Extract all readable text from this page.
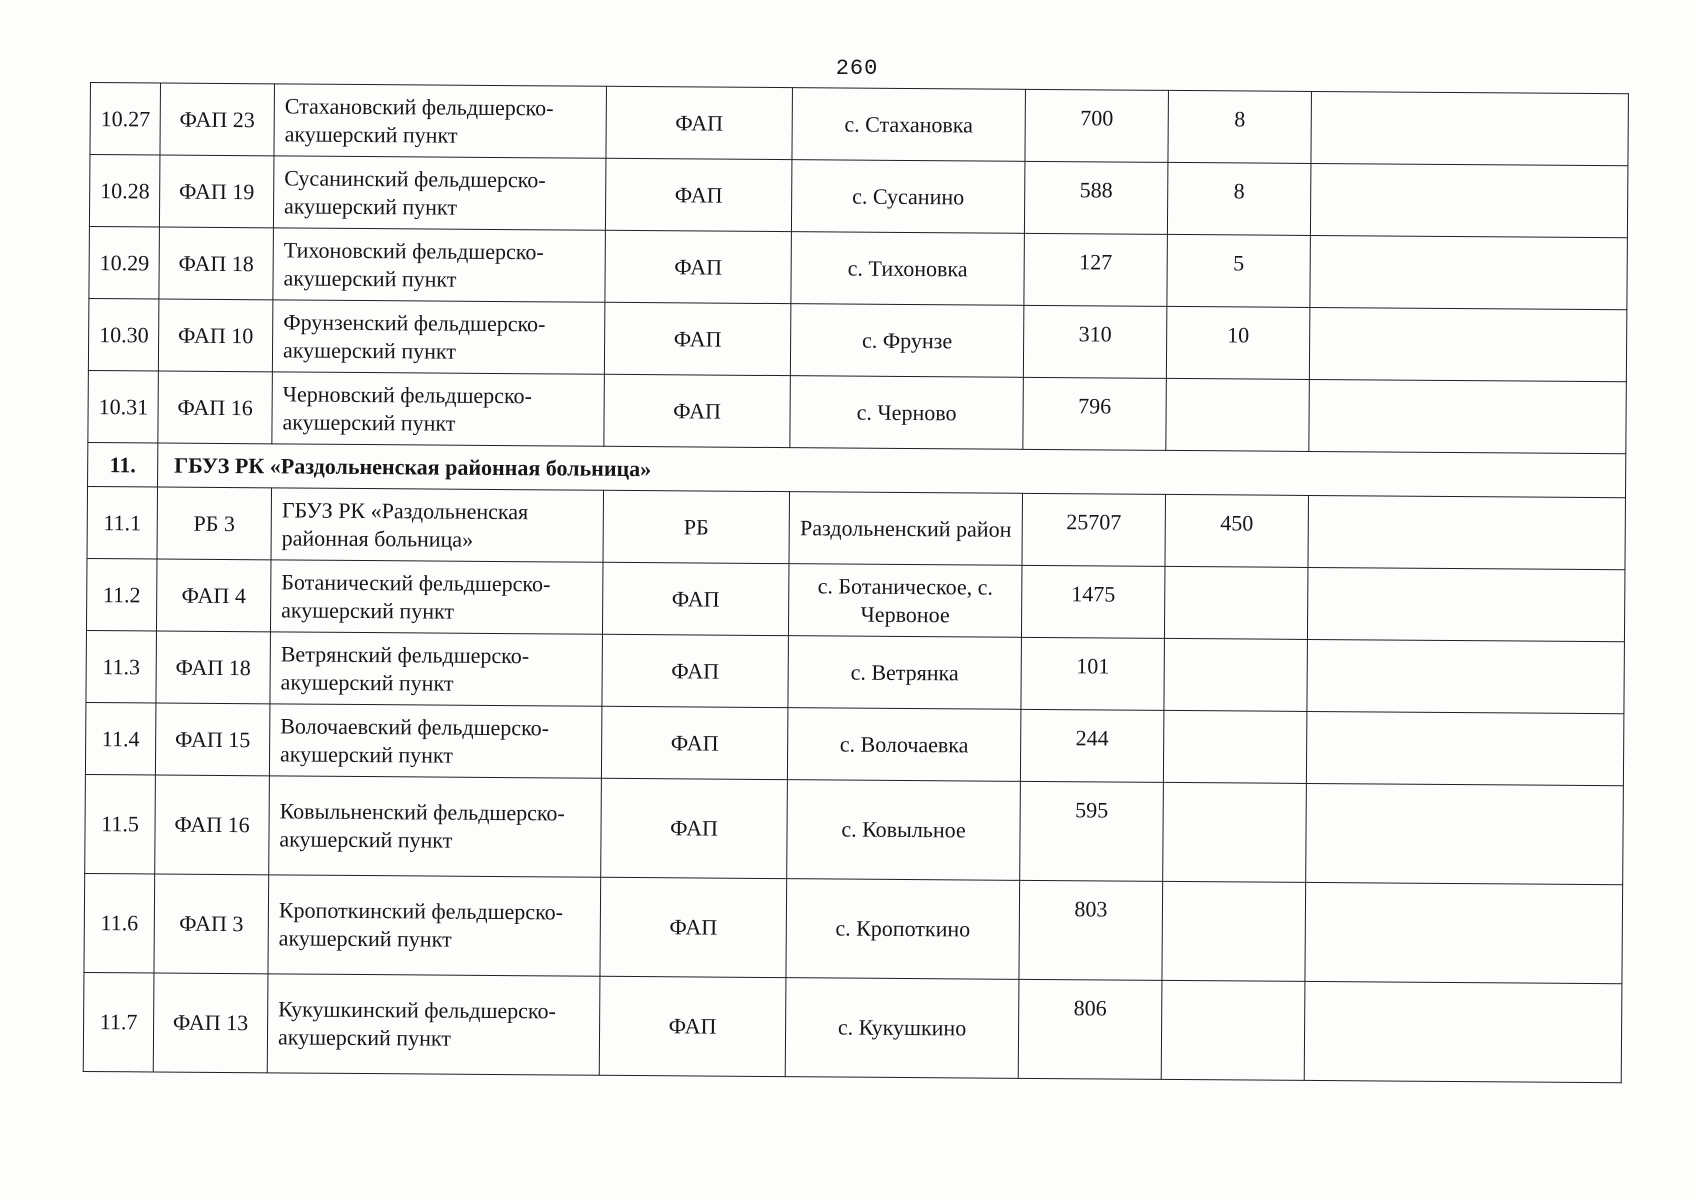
260
10.27	ФАП 23	Стахановский фельдшерско-акушерский пункт	ФАП	с. Стахановка	700	8	
10.28	ФАП 19	Сусанинский фельдшерско-акушерский пункт	ФАП	с. Сусанино	588	8	
10.29	ФАП 18	Тихоновский фельдшерско-акушерский пункт	ФАП	с. Тихоновка	127	5	
10.30	ФАП 10	Фрунзенский фельдшерско-акушерский пункт	ФАП	с. Фрунзе	310	10	
10.31	ФАП 16	Черновский фельдшерско-акушерский пункт	ФАП	с. Черново	796		
11.	ГБУЗ РК «Раздольненская районная больница»						
11.1	РБ 3	ГБУЗ РК «Раздольненская районная больница»	РБ	Раздольненский район	25707	450	
11.2	ФАП 4	Ботанический фельдшерско-акушерский пункт	ФАП	с. Ботаническое, с. Червоное	1475		
11.3	ФАП 18	Ветрянский фельдшерско-акушерский пункт	ФАП	с. Ветрянка	101		
11.4	ФАП 15	Волочаевский фельдшерско-акушерский пункт	ФАП	с. Волочаевка	244		
11.5	ФАП 16	Ковыльненский фельдшерско- акушерский пункт	ФАП	с. Ковыльное	595		
11.6	ФАП 3	Кропоткинский фельдшерско- акушерский пункт	ФАП	с. Кропоткино	803		
11.7	ФАП 13	Кукушкинский фельдшерско- акушерский пункт	ФАП	с. Кукушкино	806		
